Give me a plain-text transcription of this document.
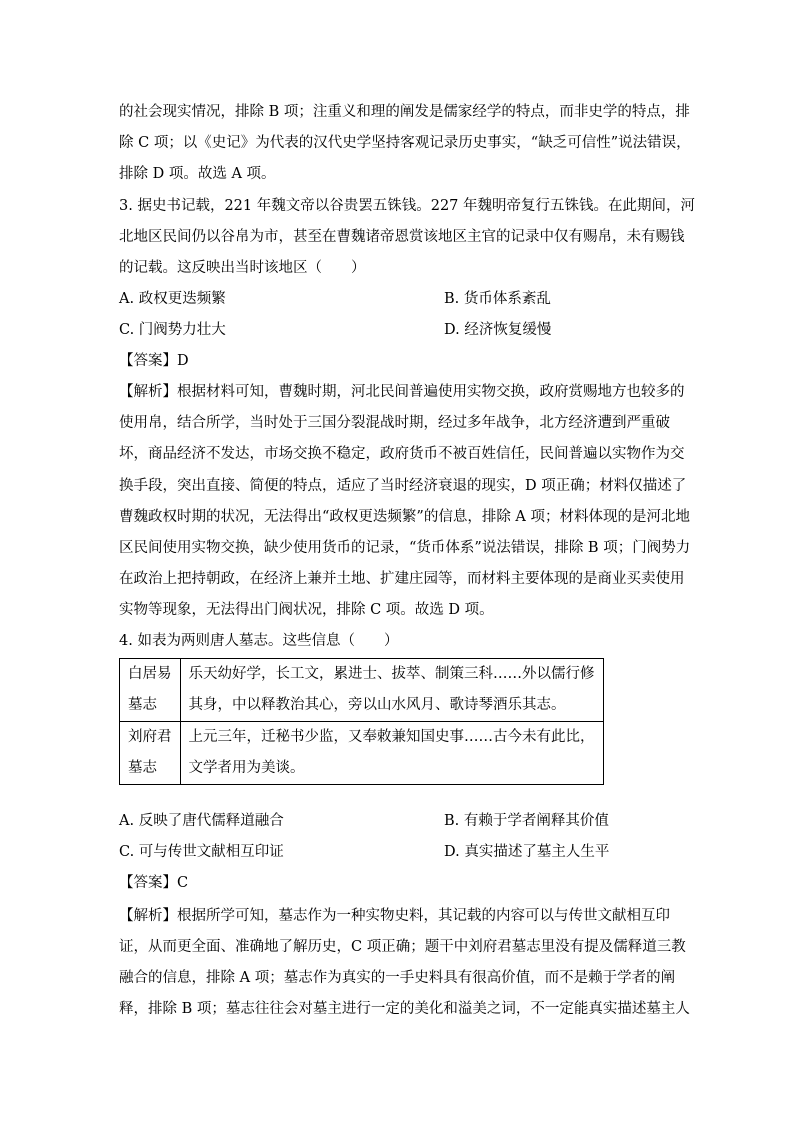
的社会现实情况，排除 B 项；注重义和理的阐发是儒家经学的特点，而非史学的特点，排
除 C 项；以《史记》为代表的汉代史学坚持客观记录历史事实，“缺乏可信性”说法错误，
排除 D 项。故选 A 项。
3. 据史书记载，221 年魏文帝以谷贵罢五铢钱。227 年魏明帝复行五铢钱。在此期间，河
北地区民间仍以谷帛为市，甚至在曹魏诸帝恩赏该地区主官的记录中仅有赐帛，未有赐钱
的记载。这反映出当时该地区（　　）
A. 政权更迭频繁	B. 货币体系紊乱
C. 门阀势力壮大	D. 经济恢复缓慢
【答案】D
【解析】根据材料可知，曹魏时期，河北民间普遍使用实物交换，政府赏赐地方也较多的
使用帛，结合所学，当时处于三国分裂混战时期，经过多年战争，北方经济遭到严重破
坏，商品经济不发达，市场交换不稳定，政府货币不被百姓信任，民间普遍以实物作为交
换手段，突出直接、简便的特点，适应了当时经济衰退的现实，D 项正确；材料仅描述了
曹魏政权时期的状况，无法得出“政权更迭频繁”的信息，排除 A 项；材料体现的是河北地
区民间使用实物交换，缺少使用货币的记录，“货币体系”说法错误，排除 B 项；门阀势力
在政治上把持朝政，在经济上兼并土地、扩建庄园等，而材料主要体现的是商业买卖使用
实物等现象，无法得出门阀状况，排除 C 项。故选 D 项。
4. 如表为两则唐人墓志。这些信息（　　）
白居易
墓志	乐天幼好学，长工文，累进士、拔萃、制策三科……外以儒行修
其身，中以释教治其心，旁以山水风月、歌诗琴酒乐其志。

刘府君
墓志	上元三年，迁秘书少监，又奉敕兼知国史事……古今未有此比，
文学者用为美谈。
A. 反映了唐代儒释道融合	B. 有赖于学者阐释其价值
C. 可与传世文献相互印证	D. 真实描述了墓主人生平
【答案】C
【解析】根据所学可知，墓志作为一种实物史料，其记载的内容可以与传世文献相互印
证，从而更全面、准确地了解历史，C 项正确；题干中刘府君墓志里没有提及儒释道三教
融合的信息，排除 A 项；墓志作为真实的一手史料具有很高价值，而不是赖于学者的阐
释，排除 B 项；墓志往往会对墓主进行一定的美化和溢美之词，不一定能真实描述墓主人
